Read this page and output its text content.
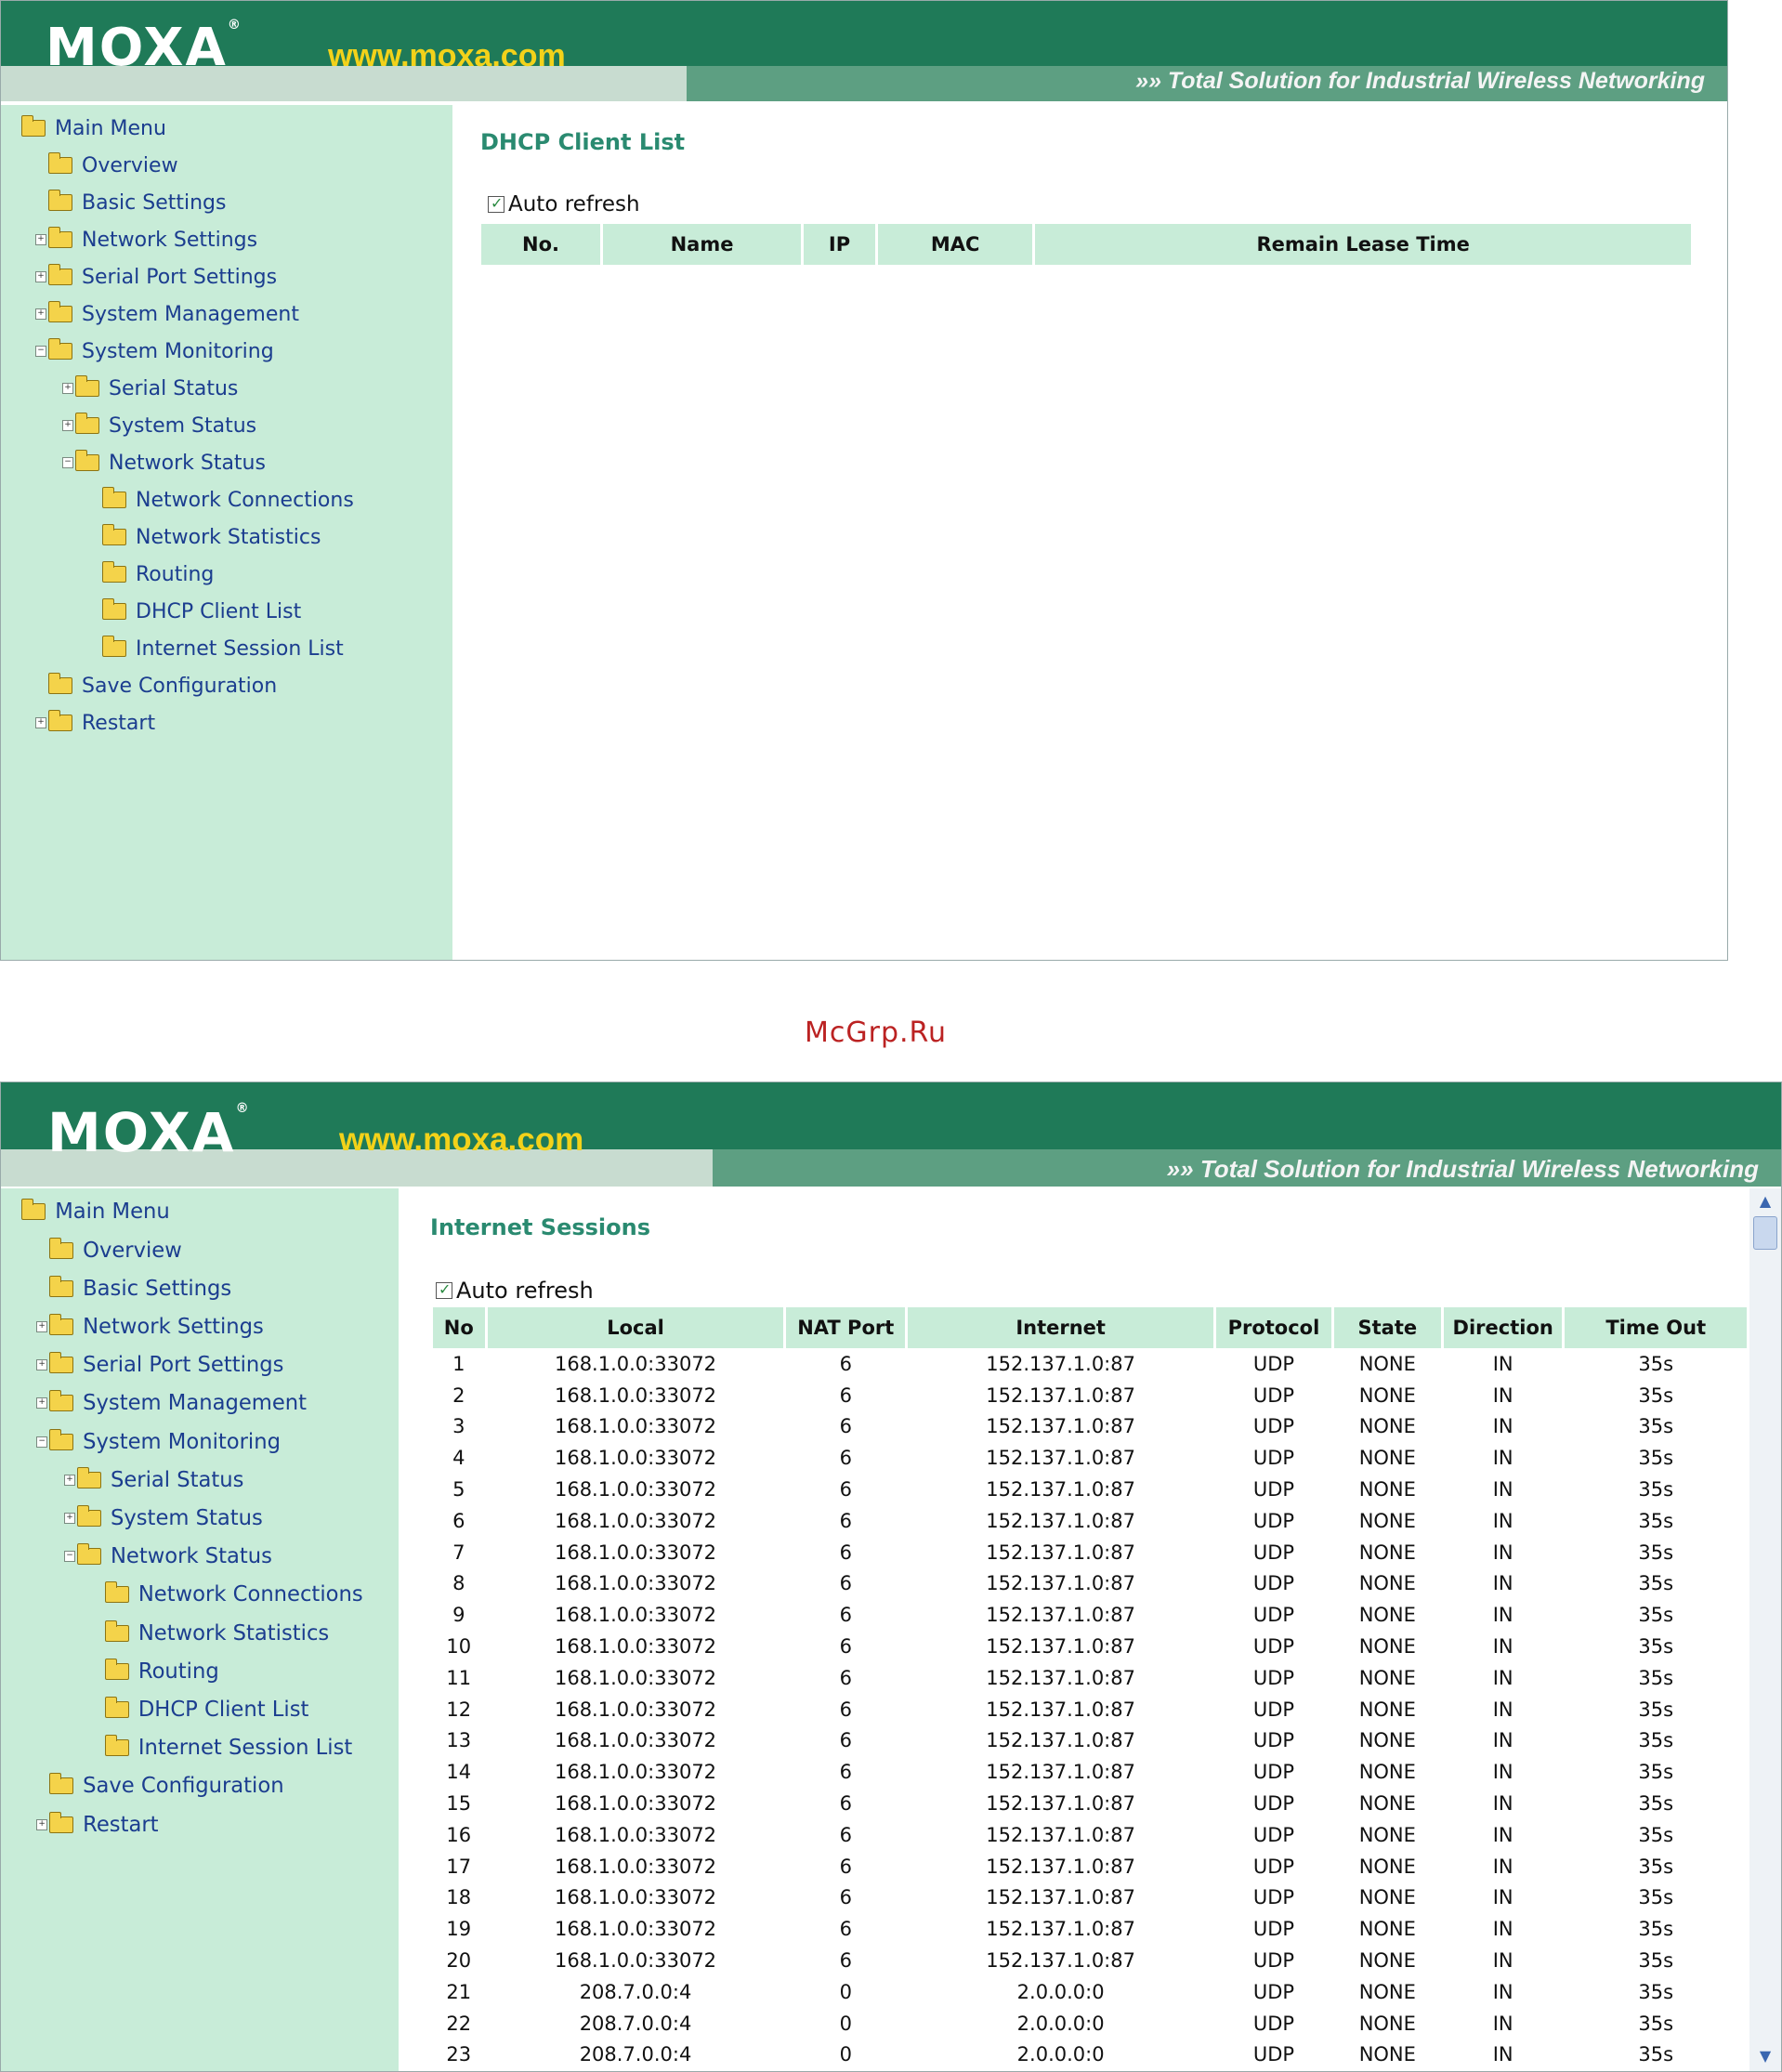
MOXA®
www.moxa.com
»» Total Solution for Industrial Wireless Networking
Main Menu
Overview
Basic Settings
+ Network Settings
+ Serial Port Settings
+ System Management
− System Monitoring
+ Serial Status
+ System Status
− Network Status
Network Connections
Network Statistics
Routing
DHCP Client List
Internet Session List
Save Configuration
+ Restart
DHCP Client List
✓
Auto refresh
No.	Name	IP	MAC	Remain Lease Time
McGrp.Ru
MOXA®
www.moxa.com
»» Total Solution for Industrial Wireless Networking
Main Menu
Overview
Basic Settings
+ Network Settings
+ Serial Port Settings
+ System Management
− System Monitoring
+ Serial Status
+ System Status
− Network Status
Network Connections
Network Statistics
Routing
DHCP Client List
Internet Session List
Save Configuration
+ Restart
Internet Sessions
✓
Auto refresh
No	Local	NAT Port	Internet	Protocol	State	Direction	Time Out
1	168.1.0.0:33072	6	152.137.1.0:87	UDP	NONE	IN	35s
2	168.1.0.0:33072	6	152.137.1.0:87	UDP	NONE	IN	35s
3	168.1.0.0:33072	6	152.137.1.0:87	UDP	NONE	IN	35s
4	168.1.0.0:33072	6	152.137.1.0:87	UDP	NONE	IN	35s
5	168.1.0.0:33072	6	152.137.1.0:87	UDP	NONE	IN	35s
6	168.1.0.0:33072	6	152.137.1.0:87	UDP	NONE	IN	35s
7	168.1.0.0:33072	6	152.137.1.0:87	UDP	NONE	IN	35s
8	168.1.0.0:33072	6	152.137.1.0:87	UDP	NONE	IN	35s
9	168.1.0.0:33072	6	152.137.1.0:87	UDP	NONE	IN	35s
10	168.1.0.0:33072	6	152.137.1.0:87	UDP	NONE	IN	35s
11	168.1.0.0:33072	6	152.137.1.0:87	UDP	NONE	IN	35s
12	168.1.0.0:33072	6	152.137.1.0:87	UDP	NONE	IN	35s
13	168.1.0.0:33072	6	152.137.1.0:87	UDP	NONE	IN	35s
14	168.1.0.0:33072	6	152.137.1.0:87	UDP	NONE	IN	35s
15	168.1.0.0:33072	6	152.137.1.0:87	UDP	NONE	IN	35s
16	168.1.0.0:33072	6	152.137.1.0:87	UDP	NONE	IN	35s
17	168.1.0.0:33072	6	152.137.1.0:87	UDP	NONE	IN	35s
18	168.1.0.0:33072	6	152.137.1.0:87	UDP	NONE	IN	35s
19	168.1.0.0:33072	6	152.137.1.0:87	UDP	NONE	IN	35s
20	168.1.0.0:33072	6	152.137.1.0:87	UDP	NONE	IN	35s
21	208.7.0.0:4	0	2.0.0.0:0	UDP	NONE	IN	35s
22	208.7.0.0:4	0	2.0.0.0:0	UDP	NONE	IN	35s
23	208.7.0.0:4	0	2.0.0.0:0	UDP	NONE	IN	35s
▲
▼
